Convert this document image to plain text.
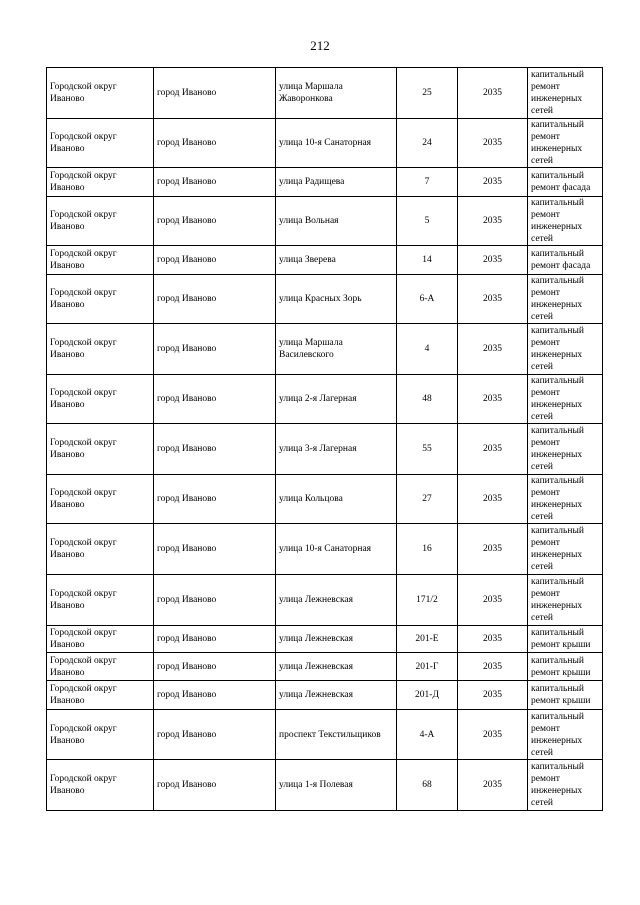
212
Городской округ Иваново	город Иваново	улица Маршала Жаворонкова	25	2035	капитальный ремонт инженерных сетей
Городской округ Иваново	город Иваново	улица 10-я Санаторная	24	2035	капитальный ремонт инженерных сетей
Городской округ Иваново	город Иваново	улица Радищева	7	2035	капитальный ремонт фасада
Городской округ Иваново	город Иваново	улица Вольная	5	2035	капитальный ремонт инженерных сетей
Городской округ Иваново	город Иваново	улица Зверева	14	2035	капитальный ремонт фасада
Городской округ Иваново	город Иваново	улица Красных Зорь	6-А	2035	капитальный ремонт инженерных сетей
Городской округ Иваново	город Иваново	улица Маршала Василевского	4	2035	капитальный ремонт инженерных сетей
Городской округ Иваново	город Иваново	улица 2-я Лагерная	48	2035	капитальный ремонт инженерных сетей
Городской округ Иваново	город Иваново	улица 3-я Лагерная	55	2035	капитальный ремонт инженерных сетей
Городской округ Иваново	город Иваново	улица Кольцова	27	2035	капитальный ремонт инженерных сетей
Городской округ Иваново	город Иваново	улица 10-я Санаторная	16	2035	капитальный ремонт инженерных сетей
Городской округ Иваново	город Иваново	улица Лежневская	171/2	2035	капитальный ремонт инженерных сетей
Городской округ Иваново	город Иваново	улица Лежневская	201-Е	2035	капитальный ремонт крыши
Городской округ Иваново	город Иваново	улица Лежневская	201-Г	2035	капитальный ремонт крыши
Городской округ Иваново	город Иваново	улица Лежневская	201-Д	2035	капитальный ремонт крыши
Городской округ Иваново	город Иваново	проспект Текстильщиков	4-А	2035	капитальный ремонт инженерных сетей
Городской округ Иваново	город Иваново	улица 1-я Полевая	68	2035	капитальный ремонт инженерных сетей
